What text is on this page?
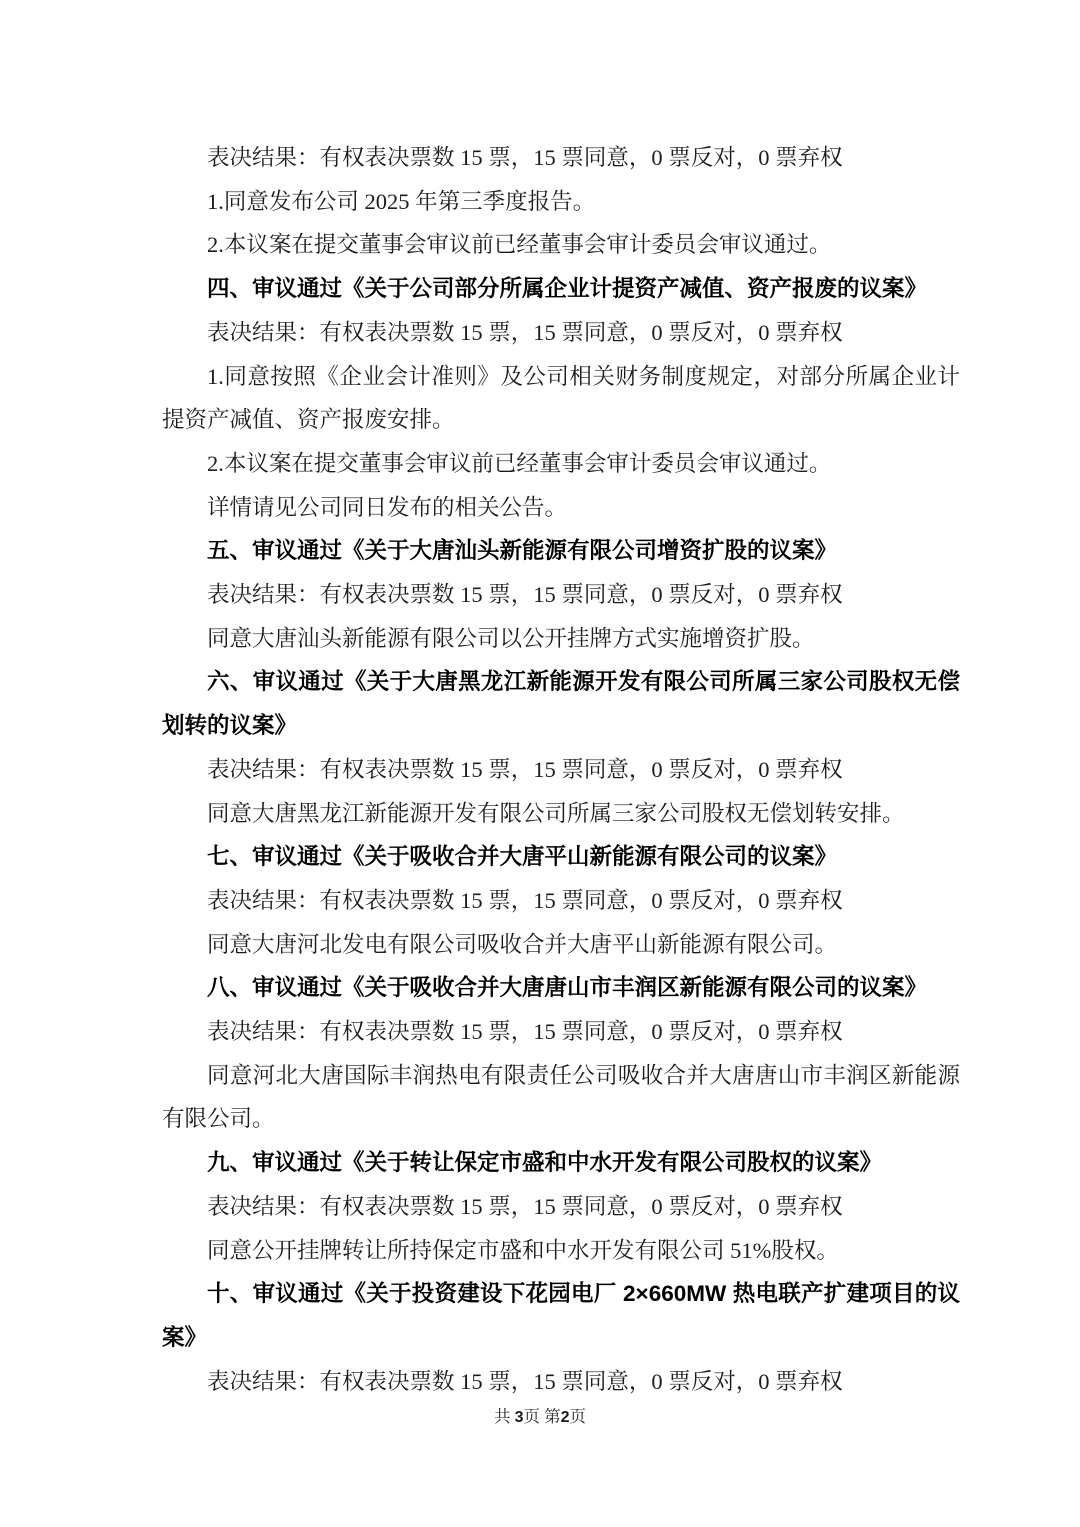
表决结果：有权表决票数 15 票，15 票同意，0 票反对，0 票弃权

1.同意发布公司 2025 年第三季度报告。

2.本议案在提交董事会审议前已经董事会审计委员会审议通过。

四、审议通过《关于公司部分所属企业计提资产减值、资产报废的议案》

表决结果：有权表决票数 15 票，15 票同意，0 票反对，0 票弃权

1.同意按照《企业会计准则》及公司相关财务制度规定，对部分所属企业计提资产减值、资产报废安排。

2.本议案在提交董事会审议前已经董事会审计委员会审议通过。

详情请见公司同日发布的相关公告。

五、审议通过《关于大唐汕头新能源有限公司增资扩股的议案》

表决结果：有权表决票数 15 票，15 票同意，0 票反对，0 票弃权

同意大唐汕头新能源有限公司以公开挂牌方式实施增资扩股。

六、审议通过《关于大唐黑龙江新能源开发有限公司所属三家公司股权无偿划转的议案》

表决结果：有权表决票数 15 票，15 票同意，0 票反对，0 票弃权

同意大唐黑龙江新能源开发有限公司所属三家公司股权无偿划转安排。

七、审议通过《关于吸收合并大唐平山新能源有限公司的议案》

表决结果：有权表决票数 15 票，15 票同意，0 票反对，0 票弃权

同意大唐河北发电有限公司吸收合并大唐平山新能源有限公司。

八、审议通过《关于吸收合并大唐唐山市丰润区新能源有限公司的议案》

表决结果：有权表决票数 15 票，15 票同意，0 票反对，0 票弃权

同意河北大唐国际丰润热电有限责任公司吸收合并大唐唐山市丰润区新能源有限公司。

九、审议通过《关于转让保定市盛和中水开发有限公司股权的议案》

表决结果：有权表决票数 15 票，15 票同意，0 票反对，0 票弃权

同意公开挂牌转让所持保定市盛和中水开发有限公司 51%股权。

十、审议通过《关于投资建设下花园电厂 2×660MW 热电联产扩建项目的议案》

表决结果：有权表决票数 15 票，15 票同意，0 票反对，0 票弃权

共 3页 第2页
